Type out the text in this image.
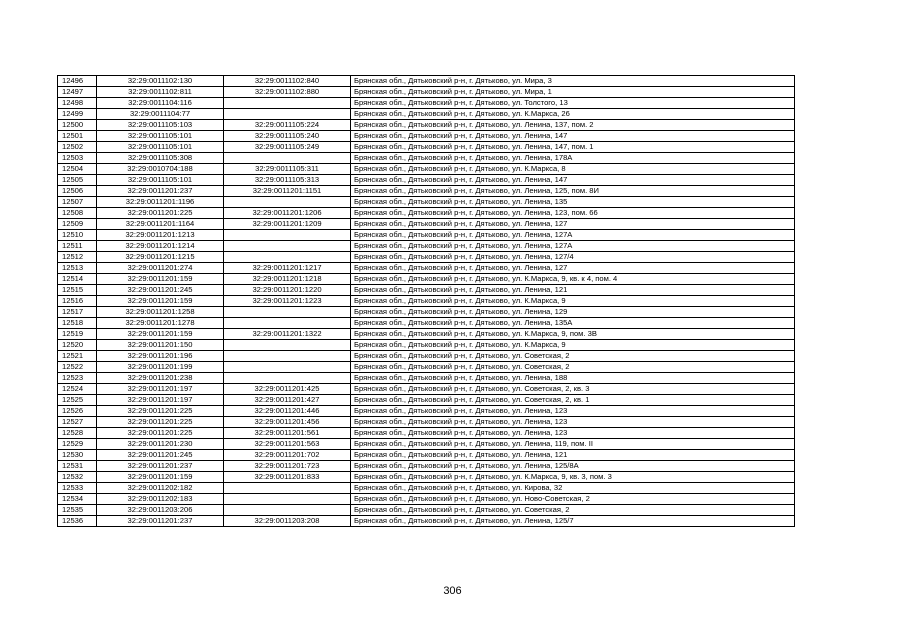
12496	32:29:0011102:130	32:29:0011102:840	Брянская обл., Дятьковский р-н, г. Дятьково, ул. Мира, 3
12497	32:29:0011102:811	32:29:0011102:880	Брянская обл., Дятьковский р-н, г. Дятьково, ул. Мира, 1
12498	32:29:0011104:116		Брянская обл., Дятьковский р-н, г. Дятьково, ул. Толстого, 13
12499	32:29:0011104:77		Брянская обл., Дятьковский р-н, г. Дятьково, ул. К.Маркса, 26
12500	32:29:0011105:103	32:29:0011105:224	Брянская обл., Дятьковский р-н, г. Дятьково, ул. Ленина, 137, пом. 2
12501	32:29:0011105:101	32:29:0011105:240	Брянская обл., Дятьковский р-н, г. Дятьково, ул. Ленина, 147
12502	32:29:0011105:101	32:29:0011105:249	Брянская обл., Дятьковский р-н, г. Дятьково, ул. Ленина, 147, пом. 1
12503	32:29:0011105:308		Брянская обл., Дятьковский р-н, г. Дятьково, ул. Ленина, 178А
12504	32:29:0010704:188	32:29:0011105:311	Брянская обл., Дятьковский р-н, г. Дятьково, ул. К.Маркса, 8
12505	32:29:0011105:101	32:29:0011105:313	Брянская обл., Дятьковский р-н, г. Дятьково, ул. Ленина, 147
12506	32:29:0011201:237	32:29:0011201:1151	Брянская обл., Дятьковский р-н, г. Дятьково, ул. Ленина, 125, пом. 8И
12507	32:29:0011201:1196		Брянская обл., Дятьковский р-н, г. Дятьково, ул. Ленина, 135
12508	32:29:0011201:225	32:29:0011201:1206	Брянская обл., Дятьковский р-н, г. Дятьково, ул. Ленина, 123, пом. 66
12509	32:29:0011201:1164	32:29:0011201:1209	Брянская обл., Дятьковский р-н, г. Дятьково, ул. Ленина, 127
12510	32:29:0011201:1213		Брянская обл., Дятьковский р-н, г. Дятьково, ул. Ленина, 127А
12511	32:29:0011201:1214		Брянская обл., Дятьковский р-н, г. Дятьково, ул. Ленина, 127А
12512	32:29:0011201:1215		Брянская обл., Дятьковский р-н, г. Дятьково, ул. Ленина, 127/4
12513	32:29:0011201:274	32:29:0011201:1217	Брянская обл., Дятьковский р-н, г. Дятьково, ул. Ленина, 127
12514	32:29:0011201:159	32:29:0011201:1218	Брянская обл., Дятьковский р-н, г. Дятьково, ул. К.Маркса, 9, кв. к 4, пом. 4
12515	32:29:0011201:245	32:29:0011201:1220	Брянская обл., Дятьковский р-н, г. Дятьково, ул. Ленина, 121
12516	32:29:0011201:159	32:29:0011201:1223	Брянская обл., Дятьковский р-н, г. Дятьково, ул. К.Маркса, 9
12517	32:29:0011201:1258		Брянская обл., Дятьковский р-н, г. Дятьково, ул. Ленина, 129
12518	32:29:0011201:1278		Брянская обл., Дятьковский р-н, г. Дятьково, ул. Ленина, 135А
12519	32:29:0011201:159	32:29:0011201:1322	Брянская обл., Дятьковский р-н, г. Дятьково, ул. К.Маркса, 9, пом. 3В
12520	32:29:0011201:150		Брянская обл., Дятьковский р-н, г. Дятьково, ул. К.Маркса, 9
12521	32:29:0011201:196		Брянская обл., Дятьковский р-н, г. Дятьково, ул. Советская, 2
12522	32:29:0011201:199		Брянская обл., Дятьковский р-н, г. Дятьково, ул. Советская, 2
12523	32:29:0011201:238		Брянская обл., Дятьковский р-н, г. Дятьково, ул. Ленина, 188
12524	32:29:0011201:197	32:29:0011201:425	Брянская обл., Дятьковский р-н, г. Дятьково, ул. Советская, 2, кв. 3
12525	32:29:0011201:197	32:29:0011201:427	Брянская обл., Дятьковский р-н, г. Дятьково, ул. Советская, 2, кв. 1
12526	32:29:0011201:225	32:29:0011201:446	Брянская обл., Дятьковский р-н, г. Дятьково, ул. Ленина, 123
12527	32:29:0011201:225	32:29:0011201:456	Брянская обл., Дятьковский р-н, г. Дятьково, ул. Ленина, 123
12528	32:29:0011201:225	32:29:0011201:561	Брянская обл., Дятьковский р-н, г. Дятьково, ул. Ленина, 123
12529	32:29:0011201:230	32:29:0011201:563	Брянская обл., Дятьковский р-н, г. Дятьково, ул. Ленина, 119, пом. II
12530	32:29:0011201:245	32:29:0011201:702	Брянская обл., Дятьковский р-н, г. Дятьково, ул. Ленина, 121
12531	32:29:0011201:237	32:29:0011201:723	Брянская обл., Дятьковский р-н, г. Дятьково, ул. Ленина, 125/8А
12532	32:29:0011201:159	32:29:0011201:833	Брянская обл., Дятьковский р-н, г. Дятьково, ул. К.Маркса, 9, кв. 3, пом. 3
12533	32:29:0011202:182		Брянская обл., Дятьковский р-н, г. Дятьково, ул. Кирова, 32
12534	32:29:0011202:183		Брянская обл., Дятьковский р-н, г. Дятьково, ул. Ново-Советская, 2
12535	32:29:0011203:206		Брянская обл., Дятьковский р-н, г. Дятьково, ул. Советская, 2
12536	32:29:0011201:237	32:29:0011203:208	Брянская обл., Дятьковский р-н, г. Дятьково, ул. Ленина, 125/7
306
